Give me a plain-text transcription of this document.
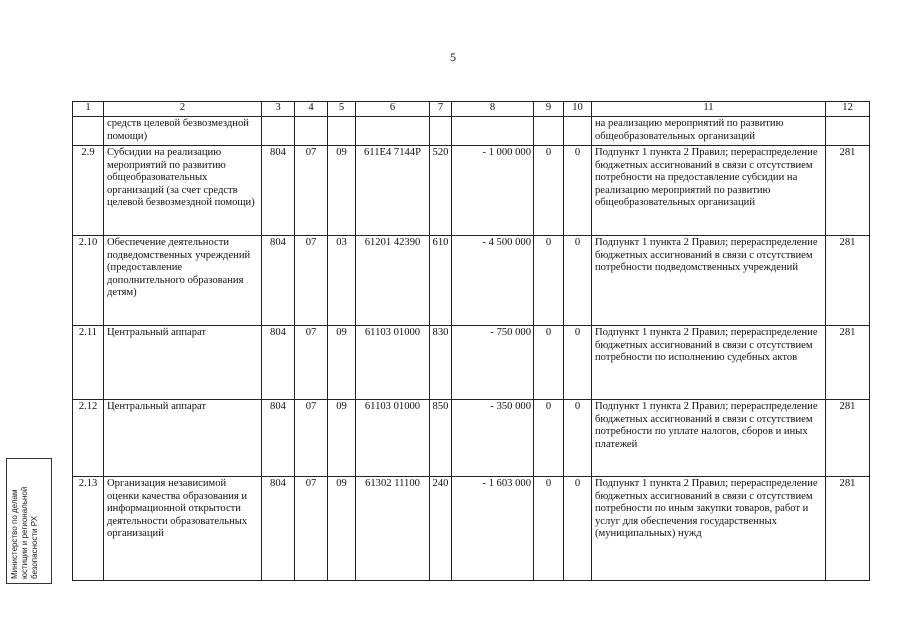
5
1	2	3	4	5	6	7	8	9	10	11	12
	средств целевой безвозмездной помощи)									на реализацию мероприятий по развитию общеобразовательных организаций	
2.9	Субсидии на реализацию мероприятий по развитию общеобразовательных организаций (за счет средств целевой безвозмездной помощи)	804	07	09	611Е4 7144Р	520	- 1 000 000	0	0	Подпункт 1 пункта 2 Правил; перераспределение бюджетных ассигнований в связи с отсутствием потребности на предоставление субсидии на реализацию мероприятий по развитию общеобразовательных организаций	281
2.10	Обеспечение деятельности подведомственных учреждений (предоставление дополнительного образования детям)	804	07	03	61201 42390	610	- 4 500 000	0	0	Подпункт 1 пункта 2 Правил; перераспределение бюджетных ассигнований в связи с отсутствием потребности подведомственных учреждений	281
2.11	Центральный аппарат	804	07	09	61103 01000	830	- 750 000	0	0	Подпункт 1 пункта 2 Правил; перераспределение бюджетных ассигнований в связи с отсутствием потребности по исполнению судебных актов	281
2.12	Центральный аппарат	804	07	09	61103 01000	850	- 350 000	0	0	Подпункт 1 пункта 2 Правил; перераспределение бюджетных ассигнований в связи с отсутствием потребности по уплате налогов, сборов и иных платежей	281
2.13	Организация независимой оценки качества образования и информационной открытости деятельности образовательных организаций	804	07	09	61302 11100	240	- 1 603 000	0	0	Подпункт 1 пункта 2 Правил; перераспределение бюджетных ассигнований в связи с отсутствием потребности по иным закупки товаров, работ и услуг для обеспечения государственных (муниципальных) нужд	281
Министерство по делам юстиции и региональной безопасности РХ
